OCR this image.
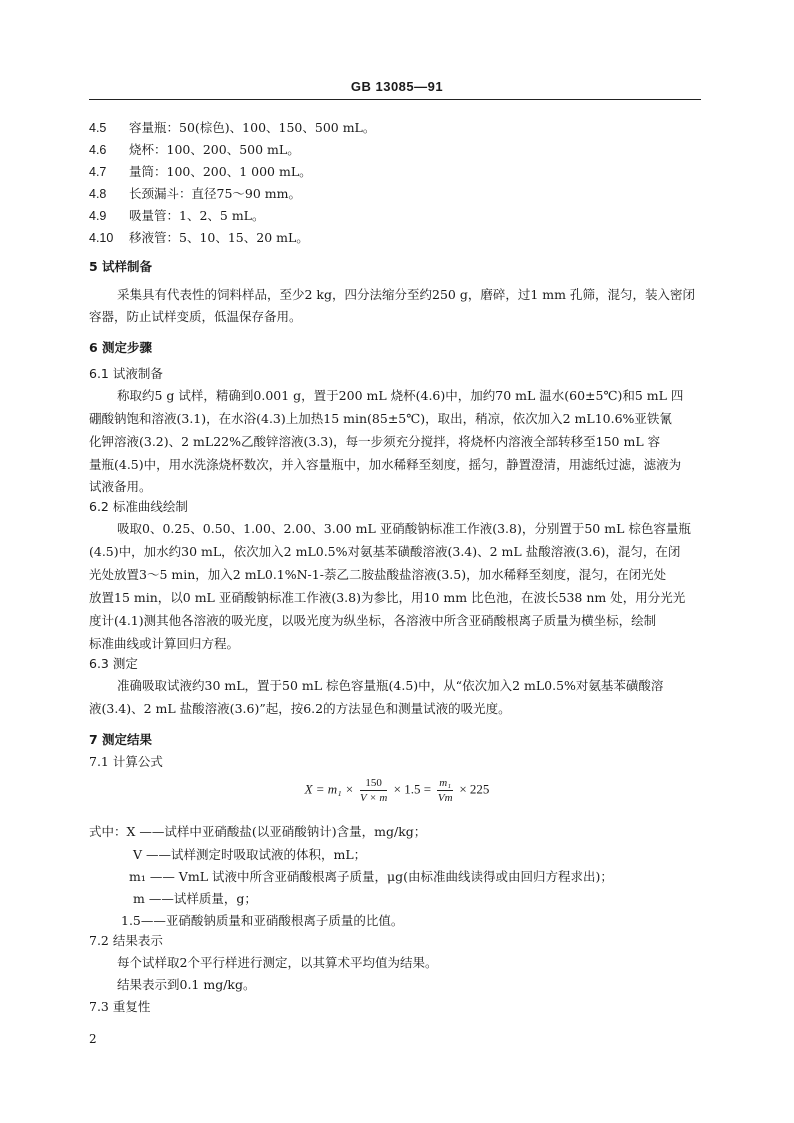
GB 13085—91
4.5 容量瓶：50(棕色)、100、150、500 mL。
4.6 烧杯：100、200、500 mL。
4.7 量筒：100、200、1 000 mL。
4.8 长颈漏斗：直径75～90 mm。
4.9 吸量管：1、2、5 mL。
4.10 移液管：5、10、15、20 mL。
5 试样制备
采集具有代表性的饲料样品，至少2 kg，四分法缩分至约250 g，磨碎，过1 mm 孔筛，混匀，装入密闭
容器，防止试样变质，低温保存备用。
6 测定步骤
6.1 试液制备
称取约5 g 试样，精确到0.001 g，置于200 mL 烧杯(4.6)中，加约70 mL 温水(60±5℃)和5 mL 四
硼酸钠饱和溶液(3.1)，在水浴(4.3)上加热15 min(85±5℃)，取出，稍凉，依次加入2 mL10.6%亚铁氰
化钾溶液(3.2)、2 mL22%乙酸锌溶液(3.3)，每一步须充分搅拌，将烧杯内溶液全部转移至150 mL 容
量瓶(4.5)中，用水洗涤烧杯数次，并入容量瓶中，加水稀释至刻度，摇匀，静置澄清，用滤纸过滤，滤液为
试液备用。
6.2 标准曲线绘制
吸取0、0.25、0.50、1.00、2.00、3.00 mL 亚硝酸钠标准工作液(3.8)，分别置于50 mL 棕色容量瓶
(4.5)中，加水约30 mL，依次加入2 mL0.5%对氨基苯磺酸溶液(3.4)、2 mL 盐酸溶液(3.6)，混匀，在闭
光处放置3～5 min，加入2 mL0.1%N-1-萘乙二胺盐酸盐溶液(3.5)，加水稀释至刻度，混匀，在闭光处
放置15 min，以0 mL 亚硝酸钠标准工作液(3.8)为参比，用10 mm 比色池，在波长538 nm 处，用分光光
度计(4.1)测其他各溶液的吸光度，以吸光度为纵坐标，各溶液中所含亚硝酸根离子质量为横坐标，绘制
标准曲线或计算回归方程。
6.3 测定
准确吸取试液约30 mL，置于50 mL 棕色容量瓶(4.5)中，从“依次加入2 mL0.5%对氨基苯磺酸溶
液(3.4)、2 mL 盐酸溶液(3.6)”起，按6.2的方法显色和测量试液的吸光度。
7 测定结果
7.1 计算公式
$X = m_1 \times \frac{150}{V \times m} \times 1.5 = \frac{\text{m₁}}{Vm} \times 225$
式中：X ——试样中亚硝酸盐(以亚硝酸钠计)含量，mg/kg；
V ——试样测定时吸取试液的体积，mL；
m₁ —— VmL 试液中所含亚硝酸根离子质量，μg(由标准曲线读得或由回归方程求出)；
m ——试样质量，g；
1.5——亚硝酸钠质量和亚硝酸根离子质量的比值。
7.2 结果表示
每个试样取2个平行样进行测定，以其算术平均值为结果。
结果表示到0.1 mg/kg。
7.3 重复性
2
